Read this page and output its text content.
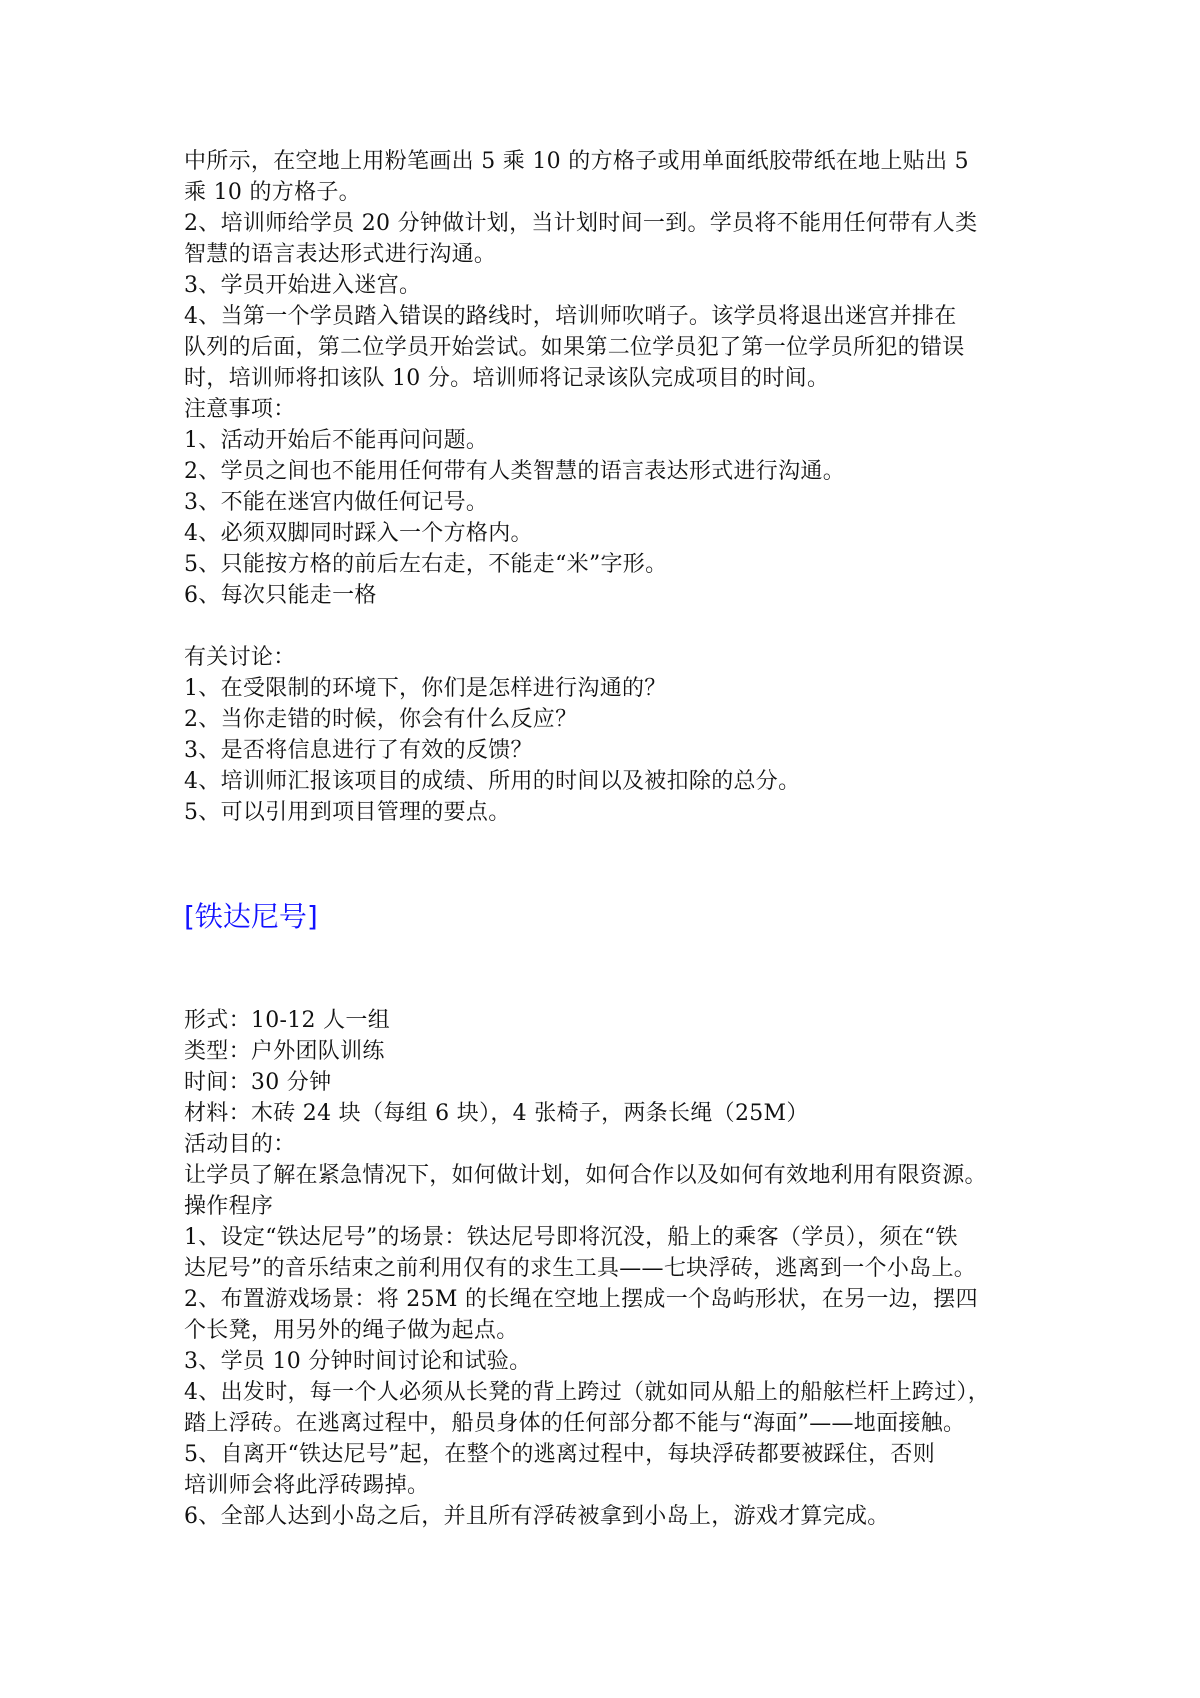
中所示，在空地上用粉笔画出 5 乘 10 的方格子或用单面纸胶带纸在地上贴出 5
乘 10 的方格子。
2、培训师给学员 20 分钟做计划，当计划时间一到。学员将不能用任何带有人类
智慧的语言表达形式进行沟通。
3、学员开始进入迷宫。
4、当第一个学员踏入错误的路线时，培训师吹哨子。该学员将退出迷宫并排在
队列的后面，第二位学员开始尝试。如果第二位学员犯了第一位学员所犯的错误
时，培训师将扣该队 10 分。培训师将记录该队完成项目的时间。
注意事项：
1、活动开始后不能再问问题。
2、学员之间也不能用任何带有人类智慧的语言表达形式进行沟通。
3、不能在迷宫内做任何记号。
4、必须双脚同时踩入一个方格内。
5、只能按方格的前后左右走，不能走“米”字形。
6、每次只能走一格
有关讨论：
1、在受限制的环境下，你们是怎样进行沟通的？
2、当你走错的时候，你会有什么反应？
3、是否将信息进行了有效的反馈？
4、培训师汇报该项目的成绩、所用的时间以及被扣除的总分。
5、可以引用到项目管理的要点。
[铁达尼号]
形式：10-12 人一组
类型：户外团队训练
时间：30 分钟
材料：木砖 24 块（每组 6 块），4 张椅子，两条长绳（25M）
活动目的：
让学员了解在紧急情况下，如何做计划，如何合作以及如何有效地利用有限资源。
操作程序
1、设定“铁达尼号”的场景：铁达尼号即将沉没，船上的乘客（学员），须在“铁
达尼号”的音乐结束之前利用仅有的求生工具——七块浮砖，逃离到一个小岛上。
2、布置游戏场景：将 25M 的长绳在空地上摆成一个岛屿形状，在另一边，摆四
个长凳，用另外的绳子做为起点。
3、学员 10 分钟时间讨论和试验。
4、出发时，每一个人必须从长凳的背上跨过（就如同从船上的船舷栏杆上跨过），
踏上浮砖。在逃离过程中，船员身体的任何部分都不能与“海面”——地面接触。
5、自离开“铁达尼号”起，在整个的逃离过程中，每块浮砖都要被踩住，否则
培训师会将此浮砖踢掉。
6、全部人达到小岛之后，并且所有浮砖被拿到小岛上，游戏才算完成。
